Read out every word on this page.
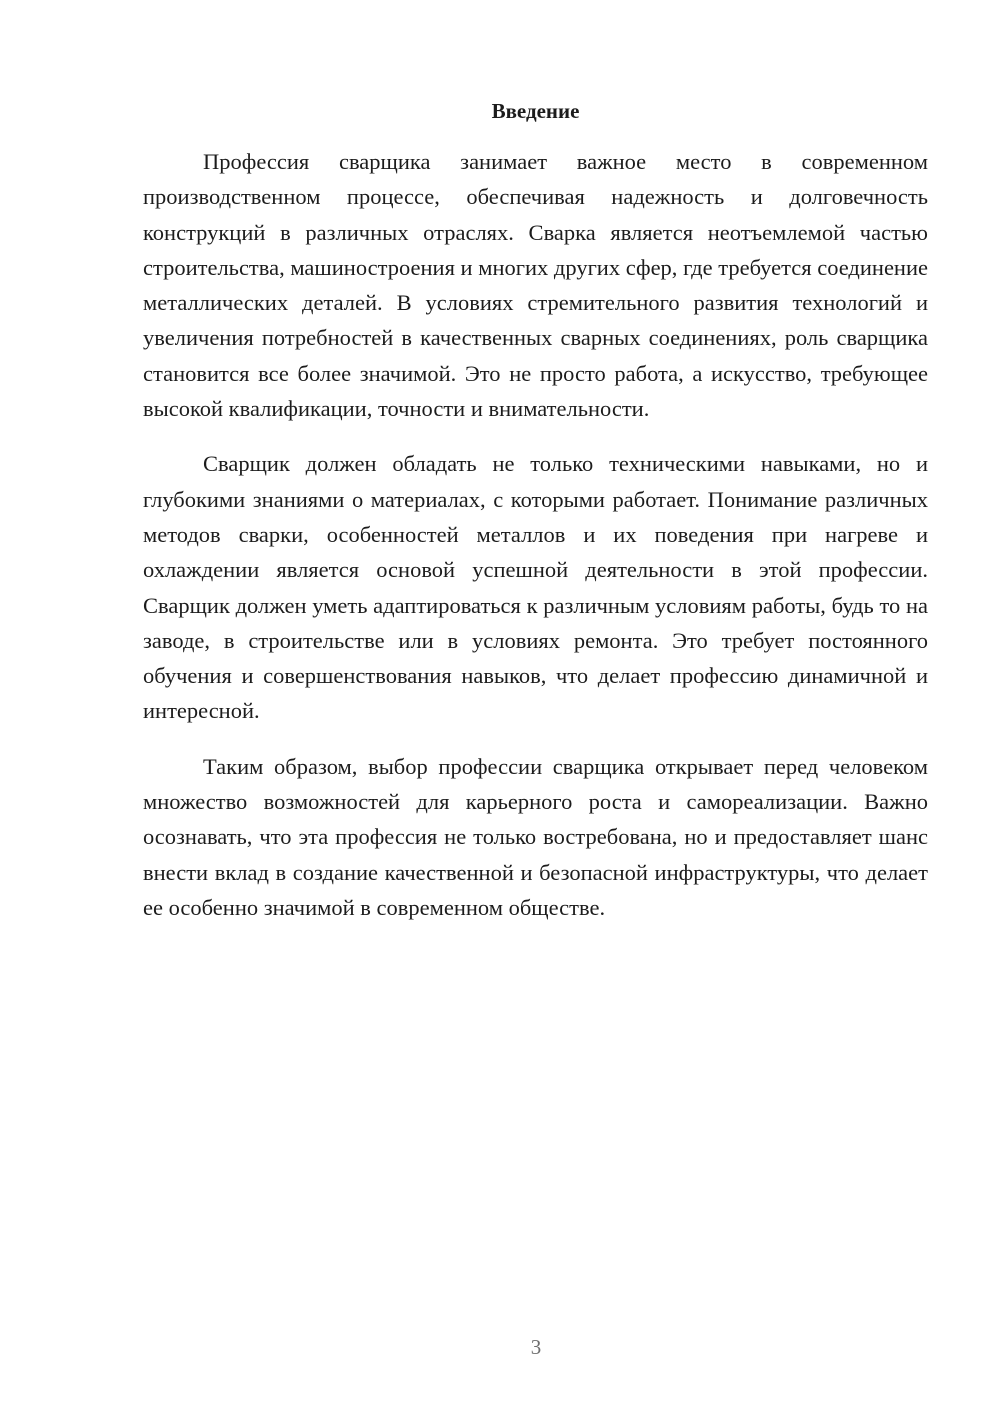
Введение

Профессия сварщика занимает важное место в современном производственном процессе, обеспечивая надежность и долговечность конструкций в различных отраслях. Сварка является неотъемлемой частью строительства, машиностроения и многих других сфер, где требуется соединение металлических деталей. В условиях стремительного развития технологий и увеличения потребностей в качественных сварных соединениях, роль сварщика становится все более значимой. Это не просто работа, а искусство, требующее высокой квалификации, точности и внимательности.

Сварщик должен обладать не только техническими навыками, но и глубокими знаниями о материалах, с которыми работает. Понимание различных методов сварки, особенностей металлов и их поведения при нагреве и охлаждении является основой успешной деятельности в этой профессии. Сварщик должен уметь адаптироваться к различным условиям работы, будь то на заводе, в строительстве или в условиях ремонта. Это требует постоянного обучения и совершенствования навыков, что делает профессию динамичной и интересной.

Таким образом, выбор профессии сварщика открывает перед человеком множество возможностей для карьерного роста и самореализации. Важно осознавать, что эта профессия не только востребована, но и предоставляет шанс внести вклад в создание качественной и безопасной инфраструктуры, что делает ее особенно значимой в современном обществе.

3
